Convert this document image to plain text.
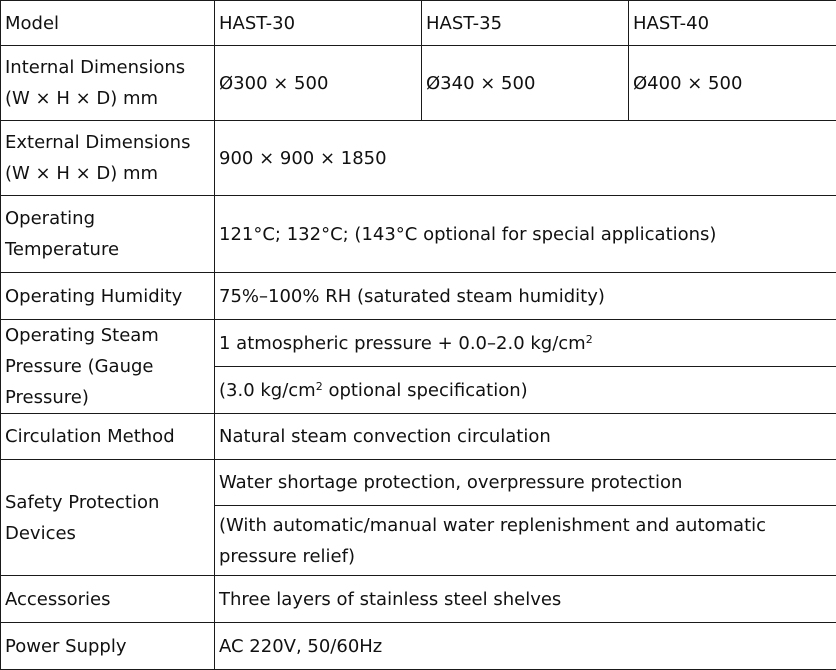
Model	HAST-30	HAST-35	HAST-40
Internal Dimensions
(W × H × D) mm	Ø300 × 500	Ø340 × 500	Ø400 × 500
External Dimensions
(W × H × D) mm	900 × 900 × 1850		
Operating
Temperature	121°C; 132°C; (143°C optional for special applications)		
Operating Humidity	75%–100% RH (saturated steam humidity)		
Operating Steam
Pressure (Gauge
Pressure)	1 atmospheric pressure + 0.0–2.0 $kg/cm^2$
	(3.0 $kg/cm^2$ optional specification)		
Circulation Method	Natural steam convection circulation		
Safety Protection
Devices	Water shortage protection, overpressure protection		
	(With automatic/manual water replenishment and automatic pressure relief)		
Accessories	Three layers of stainless steel shelves		
Power Supply	AC 220V, 50/60Hz		
